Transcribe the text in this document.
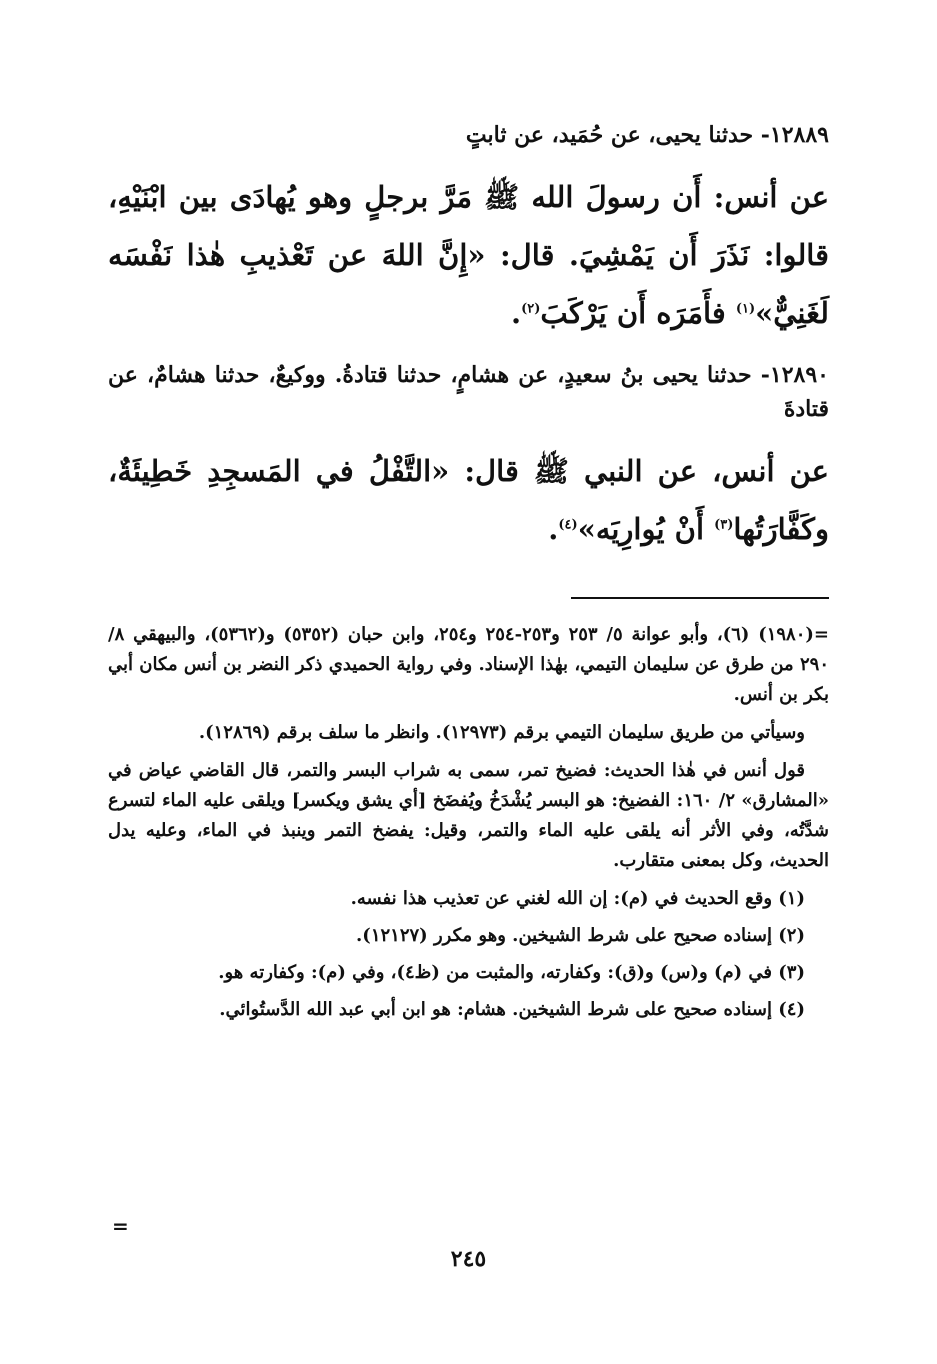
١٢٨٨٩- حدثنا يحيى، عن حُمَيد، عن ثابتٍ

عن أنس: أَن رسولَ الله ﷺ مَرَّ برجلٍ وهو يُهادَى بين ابْنَيْهِ، قالوا: نَذَرَ أَن يَمْشِيَ. قال: «إِنَّ اللهَ عن تَعْذيبِ هٰذا نَفْسَه لَغَنِيٌّ»$^{(١)}$ فأَمَرَه أَن يَرْكَبَ$^{(٢)}$.

١٢٨٩٠- حدثنا يحيى بنُ سعيدٍ، عن هشامٍ، حدثنا قتادةُ. ووكيعٌ، حدثنا هشامٌ، عن قتادةَ

عن أنس، عن النبي ﷺ قال: «التَّفْلُ في المَسجِدِ خَطِيئَةٌ، وكَفَّارَتُها$^{(٣)}$ أَنْ يُوارِيَه»$^{(٤)}$.

=(١٩٨٠) (٦)، وأبو عوانة ٥/ ٢٥٣ و٢٥٣-٢٥٤ و٢٥٤، وابن حبان (٥٣٥٢) و(٥٣٦٢)، والبيهقي ٨/ ٢٩٠ من طرق عن سليمان التيمي، بهٰذا الإسناد. وفي رواية الحميدي ذكر النضر بن أنس مكان أبي بكر بن أنس.

وسيأتي من طريق سليمان التيمي برقم (١٢٩٧٣). وانظر ما سلف برقم (١٢٨٦٩).

قول أنس في هٰذا الحديث: فضيخ تمر، سمى به شراب البسر والتمر، قال القاضي عياض في «المشارق» ٢/ ١٦٠: الفضيخ: هو البسر يُشْدَخُ ويُفضَخ [أي يشق ويكسر] ويلقى عليه الماء لتسرع شدَّتُه، وفي الأثر أنه يلقى عليه الماء والتمر، وقيل: يفضخ التمر وينبذ في الماء، وعليه يدل الحديث، وكل بمعنى متقارب.

(١) وقع الحديث في (م): إن الله لغني عن تعذيب هذا نفسه.

(٢) إسناده صحيح على شرط الشيخين. وهو مكرر (١٢١٢٧).

(٣) في (م) و(س) و(ق): وكفارته، والمثبت من (ظ٤)، وفي (م): وكفارته هو.

(٤) إسناده صحيح على شرط الشيخين. هشام: هو ابن أبي عبد الله الدَّستُوائي.

=
٢٤٥
